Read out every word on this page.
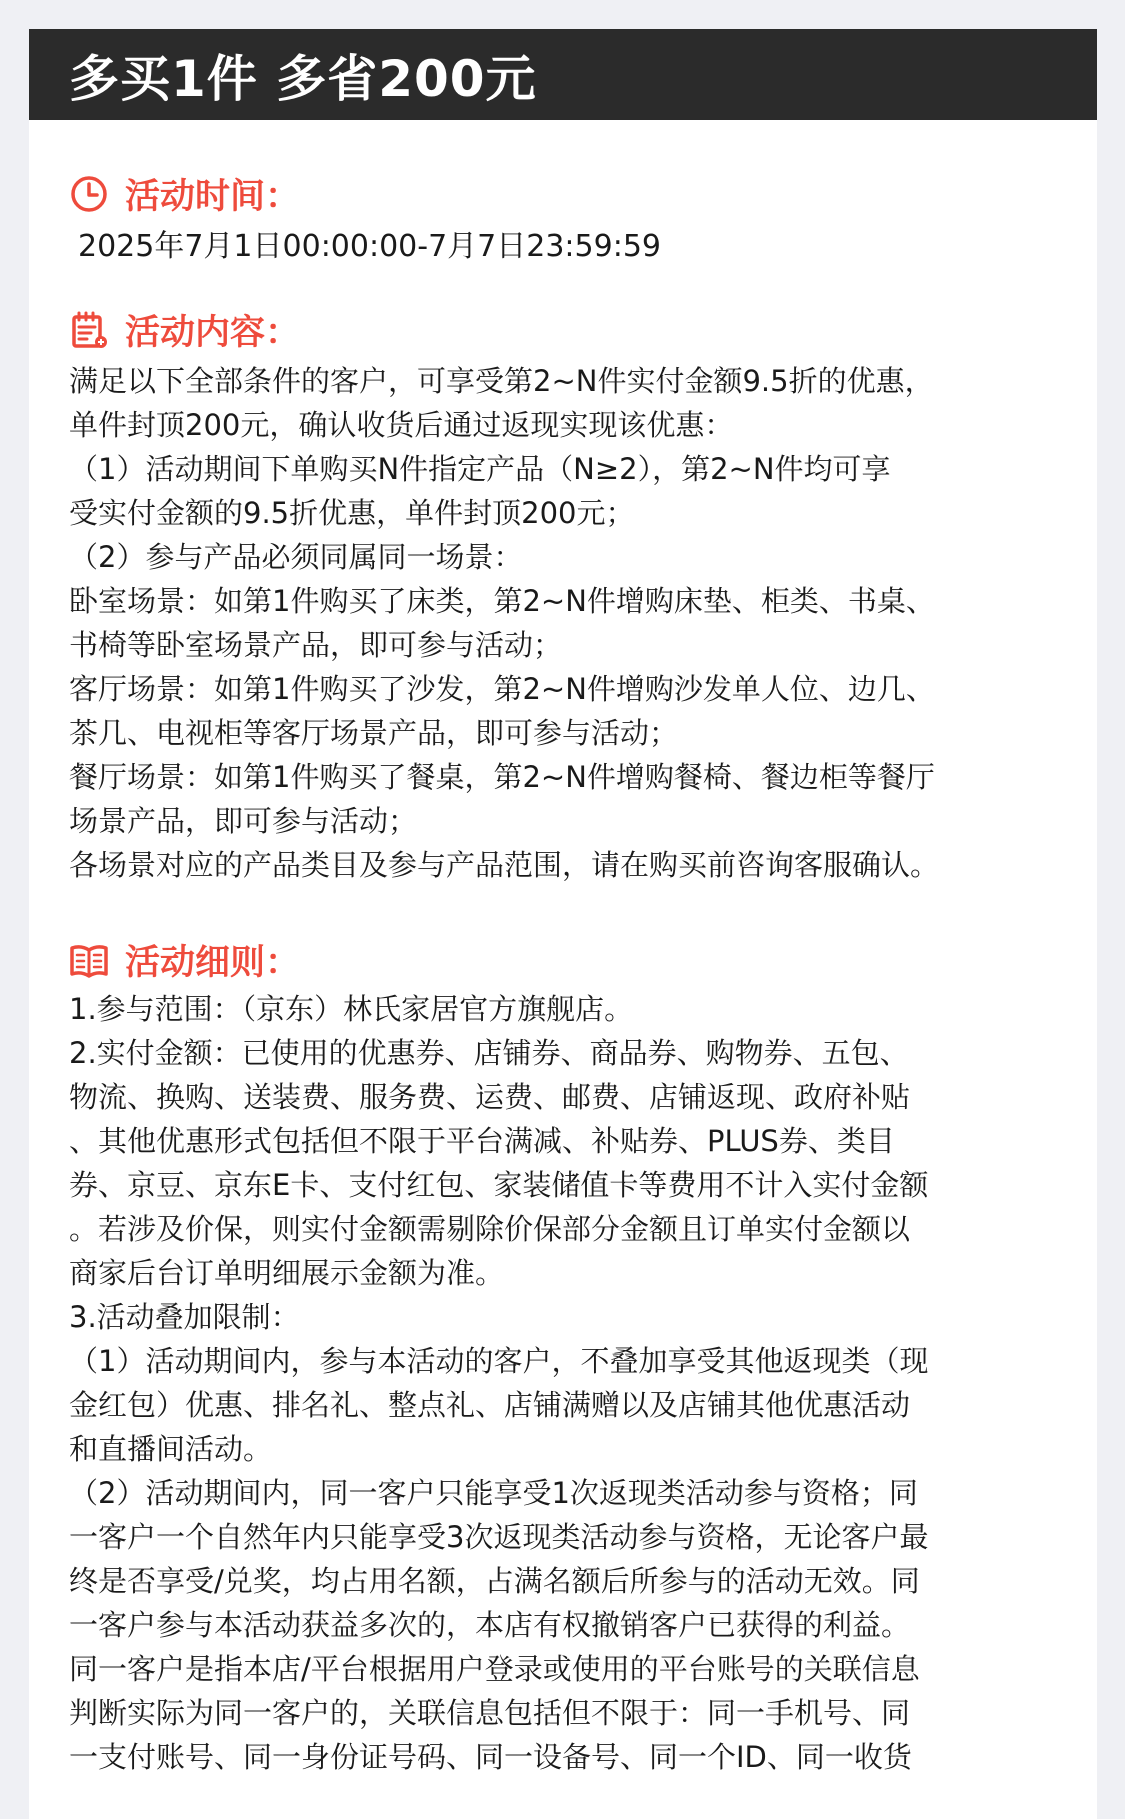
多买1件 多省200元
活动时间：
2025年7月1日00:00:00-7月7日23:59:59
活动内容：

满足以下全部条件的客户，可享受第2~N件实付金额9.5折的优惠，

单件封顶200元，确认收货后通过返现实现该优惠：

（1）活动期间下单购买N件指定产品（N≥2），第2~N件均可享

受实付金额的9.5折优惠，单件封顶200元；

（2）参与产品必须同属同一场景：

卧室场景：如第1件购买了床类，第2~N件增购床垫、柜类、书桌、

书椅等卧室场景产品，即可参与活动；

客厅场景：如第1件购买了沙发，第2~N件增购沙发单人位、边几、

茶几、电视柜等客厅场景产品，即可参与活动；

餐厅场景：如第1件购买了餐桌，第2~N件增购餐椅、餐边柜等餐厅

场景产品，即可参与活动；

各场景对应的产品类目及参与产品范围，请在购买前咨询客服确认。

活动细则：

1.参与范围：（京东）林氏家居官方旗舰店。

2.实付金额：已使用的优惠券、店铺券、商品券、购物券、五包、

物流、换购、送装费、服务费、运费、邮费、店铺返现、政府补贴

、其他优惠形式包括但不限于平台满减、补贴券、PLUS券、类目

券、京豆、京东E卡、支付红包、家装储值卡等费用不计入实付金额

。若涉及价保，则实付金额需剔除价保部分金额且订单实付金额以

商家后台订单明细展示金额为准。

3.活动叠加限制：

（1）活动期间内，参与本活动的客户，不叠加享受其他返现类（现

金红包）优惠、排名礼、整点礼、店铺满赠以及店铺其他优惠活动

和直播间活动。

（2）活动期间内，同一客户只能享受1次返现类活动参与资格；同

一客户一个自然年内只能享受3次返现类活动参与资格，无论客户最

终是否享受/兑奖，均占用名额，占满名额后所参与的活动无效。同

一客户参与本活动获益多次的，本店有权撤销客户已获得的利益。

同一客户是指本店/平台根据用户登录或使用的平台账号的关联信息

判断实际为同一客户的，关联信息包括但不限于：同一手机号、同

一支付账号、同一身份证号码、同一设备号、同一个ID、同一收货
